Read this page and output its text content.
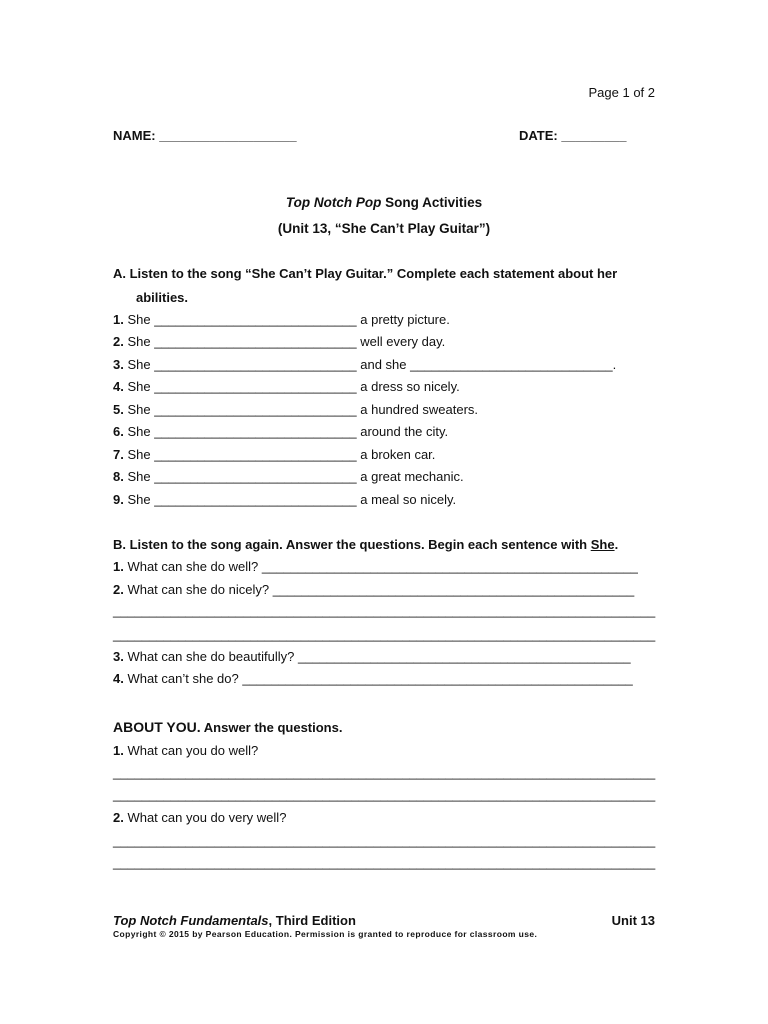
Page 1 of 2
NAME: ___________________	DATE: _________
Top Notch Pop Song Activities
(Unit 13, “She Can’t Play Guitar”)
A. Listen to the song “She Can’t Play Guitar.” Complete each statement about her
abilities.
1. She ____________________________ a pretty picture.
2. She ____________________________ well every day.
3. She ____________________________ and she ____________________________.
4. She ____________________________ a dress so nicely.
5. She ____________________________ a hundred sweaters.
6. She ____________________________ around the city.
7. She ____________________________ a broken car.
8. She ____________________________ a great mechanic.
9. She ____________________________ a meal so nicely.
B. Listen to the song again. Answer the questions. Begin each sentence with She.
1. What can she do well? ____________________________________________________
2. What can she do nicely? __________________________________________________
___________________________________________________________________________
___________________________________________________________________________
3. What can she do beautifully? ______________________________________________
4. What can’t she do? ______________________________________________________
ABOUT YOU. Answer the questions.
1. What can you do well?
___________________________________________________________________________
___________________________________________________________________________
2. What can you do very well?
___________________________________________________________________________
___________________________________________________________________________
Top Notch Fundamentals, Third Edition	Unit 13
Copyright © 2015 by Pearson Education. Permission is granted to reproduce for classroom use.
